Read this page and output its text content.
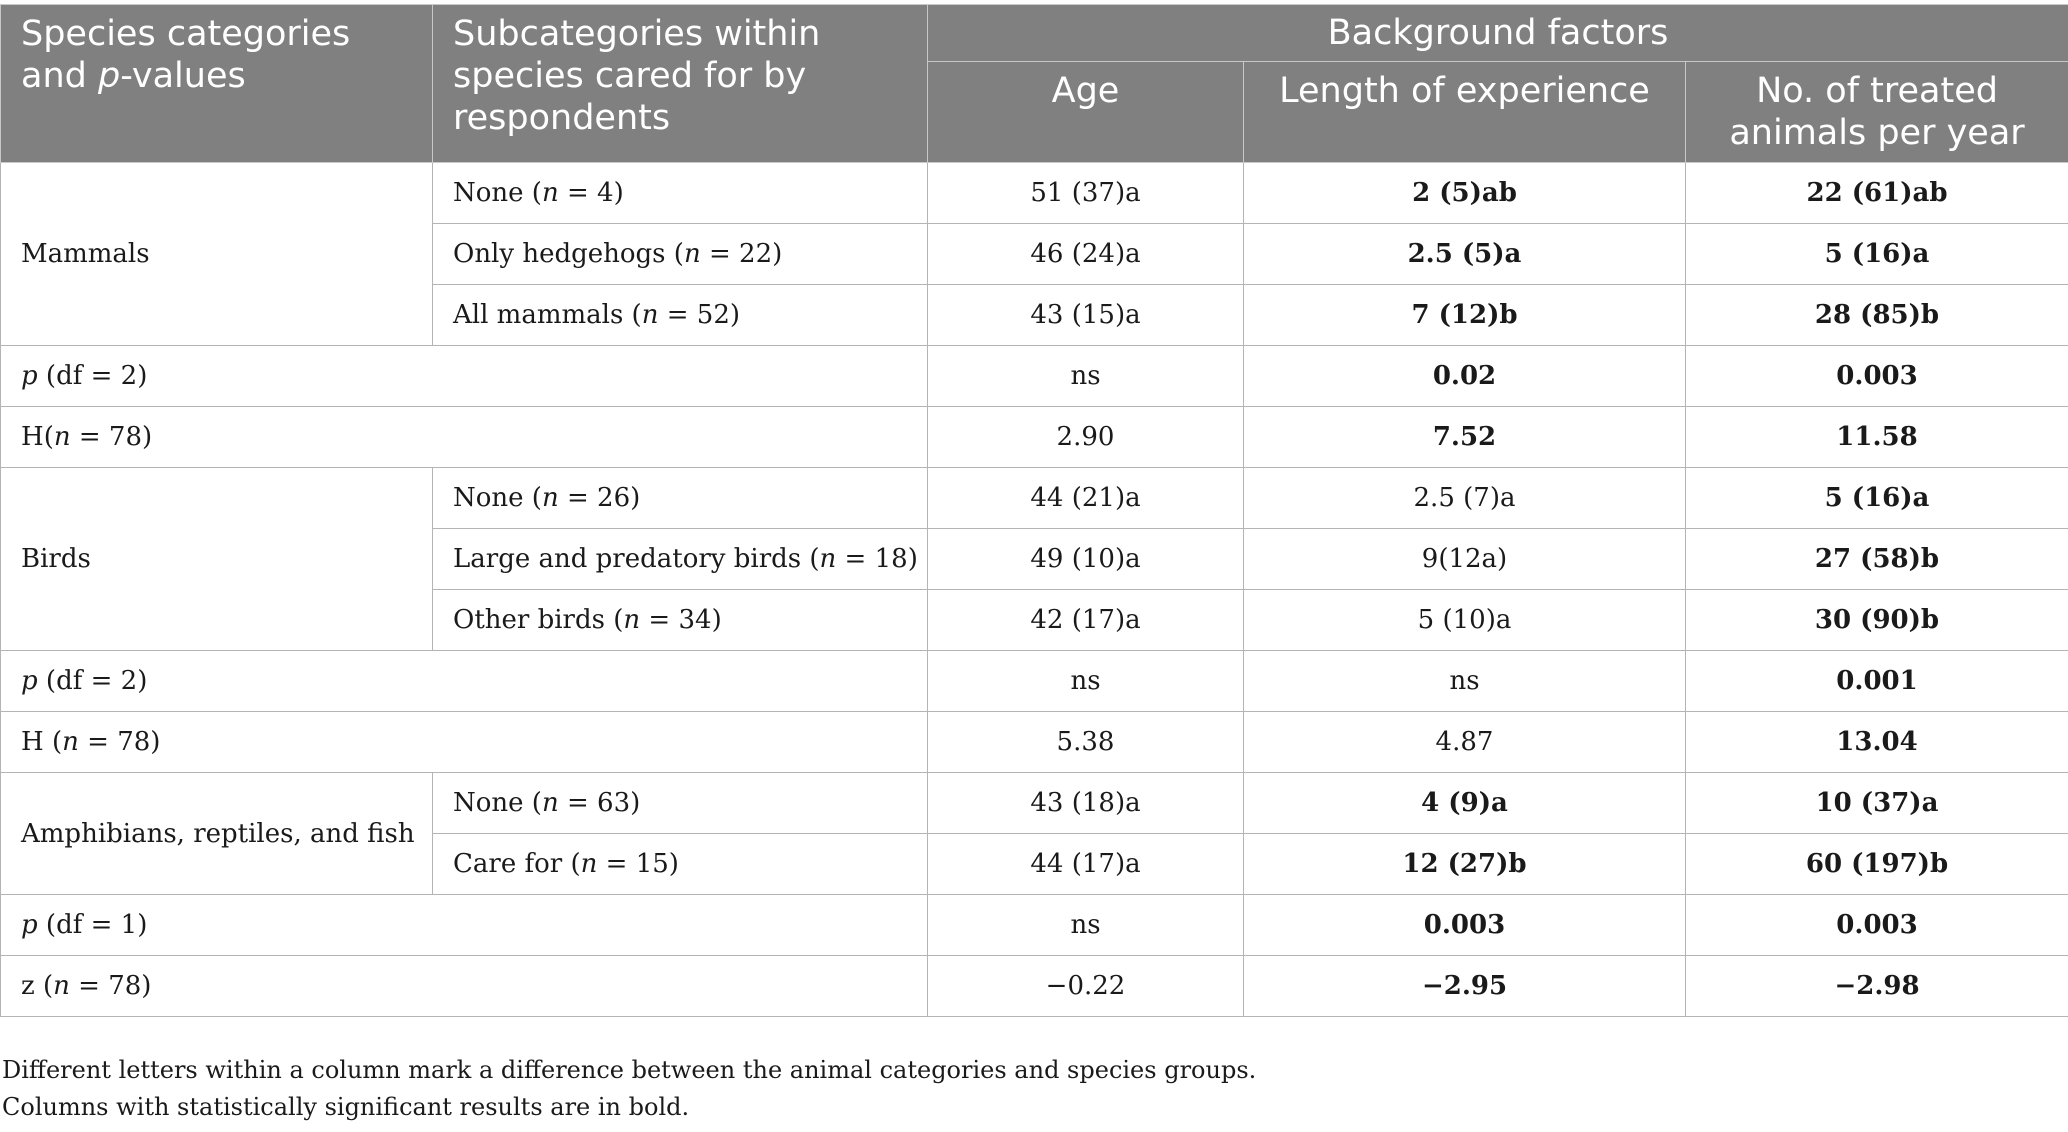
Species categories
and p-values	Subcategories within species cared for by respondents	Background factors		
		Age	Length of experience	No. of treated animals per year
Mammals	None (n = 4)	51 (37)a	2 (5)ab	22 (61)ab
	Only hedgehogs (n = 22)	46 (24)a	2.5 (5)a	5 (16)a
	All mammals (n = 52)	43 (15)a	7 (12)b	28 (85)b
p (df = 2)		ns	0.02	0.003
H(n = 78)		2.90	7.52	11.58
Birds	None (n = 26)	44 (21)a	2.5 (7)a	5 (16)a
	Large and predatory birds (n = 18)	49 (10)a	9(12a)	27 (58)b
	Other birds (n = 34)	42 (17)a	5 (10)a	30 (90)b
p (df = 2)		ns	ns	0.001
H (n = 78)		5.38	4.87	13.04
Amphibians, reptiles, and fish	None (n = 63)	43 (18)a	4 (9)a	10 (37)a
	Care for (n = 15)	44 (17)a	12 (27)b	60 (197)b
p (df = 1)		ns	0.003	0.003
z (n = 78)		−0.22	−2.95	−2.98
Different letters within a column mark a difference between the animal categories and species groups.
Columns with statistically significant results are in bold.
